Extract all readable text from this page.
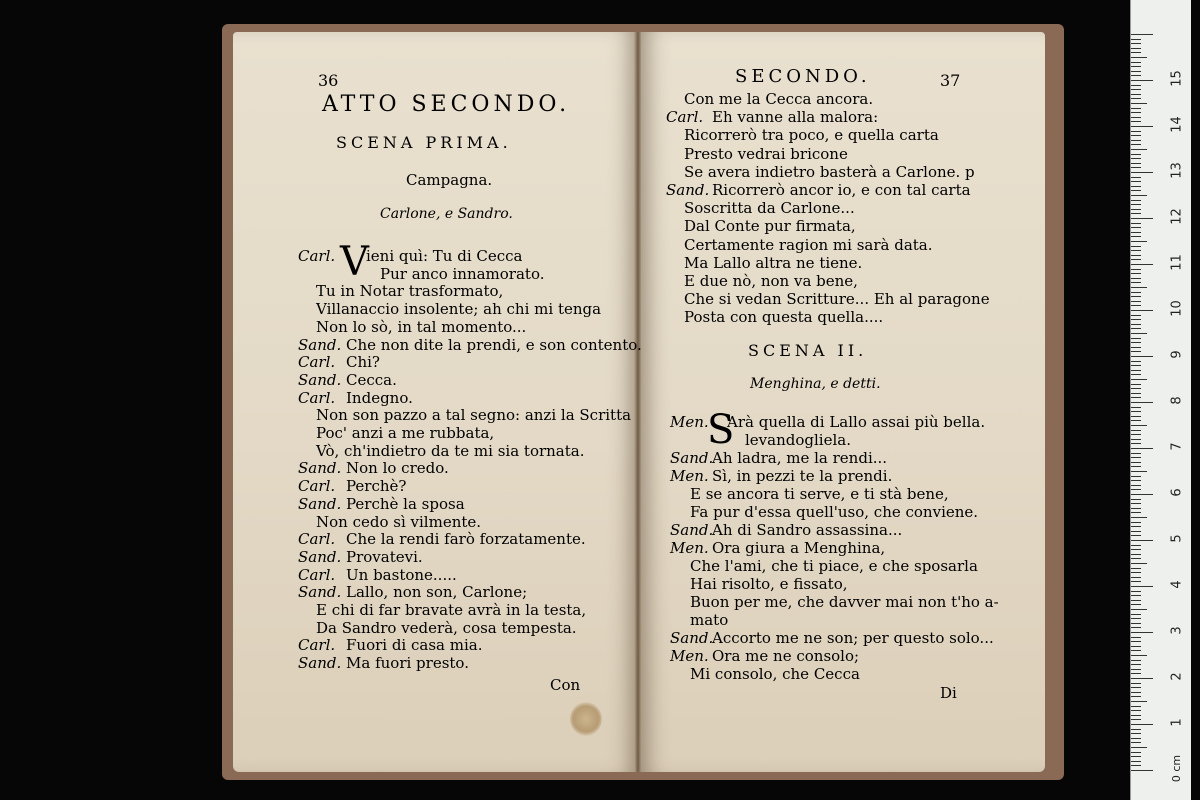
36
ATTO SECONDO.
SCENA PRIMA.
Campagna.
Carlone, e Sandro.
V
Carl. ieni quì: Tu di Cecca
Pur anco innamorato.
Tu in Notar trasformato,
Villanaccio insolente; ah chi mi tenga
Non lo sò, in tal momento...
Sand. Che non dite la prendi, e son contento.
Carl. Chi?
Sand. Cecca.
Carl. Indegno.
Non son pazzo a tal segno: anzi la Scritta
Poc' anzi a me rubbata,
Vò, ch'indietro da te mi sia tornata.
Sand. Non lo credo.
Carl. Perchè?
Sand. Perchè la sposa
Non cedo sì vilmente.
Carl. Che la rendi farò forzatamente.
Sand. Provatevi.
Carl. Un bastone.....
Sand. Lallo, non son, Carlone;
E chi di far bravate avrà in la testa,
Da Sandro vederà, cosa tempesta.
Carl. Fuori di casa mia.
Sand. Ma fuori presto.
Con
SECONDO.	37
Con me la Cecca ancora.
Carl. Eh vanne alla malora:
Ricorrerò tra poco, e quella carta
Presto vedrai bricone
Se avera indietro basterà a Carlone. p
Sand. Ricorrerò ancor io, e con tal carta
Soscritta da Carlone...
Dal Conte pur firmata,
Certamente ragion mi sarà data.
Ma Lallo altra ne tiene.
E due nò, non va bene,
Che si vedan Scritture... Eh al paragone
Posta con questa quella....
SCENA II.
Menghina, e detti.
S
Men. Arà quella di Lallo assai più bella.
levandogliela.
Sand.
Ah ladra, me la rendi...
Men. Sì, in pezzi te la prendi.
E se ancora ti serve, e ti stà bene,
Fa pur d'essa quell'uso, che conviene.
Sand.
Ah di Sandro assassina...
Men. Ora giura a Menghina,
Che l'ami, che ti piace, e che sposarla
Hai risolto, e fissato,
Buon per me, che davver mai non t'ho a-
mato
Sand.
Accorto me ne son; per questo solo...
Men. Ora me ne consolo;
Mi consolo, che Cecca
Di
0 cm
1
2
3
4
5
6
7
8
9
10
11
12
13
14
15
